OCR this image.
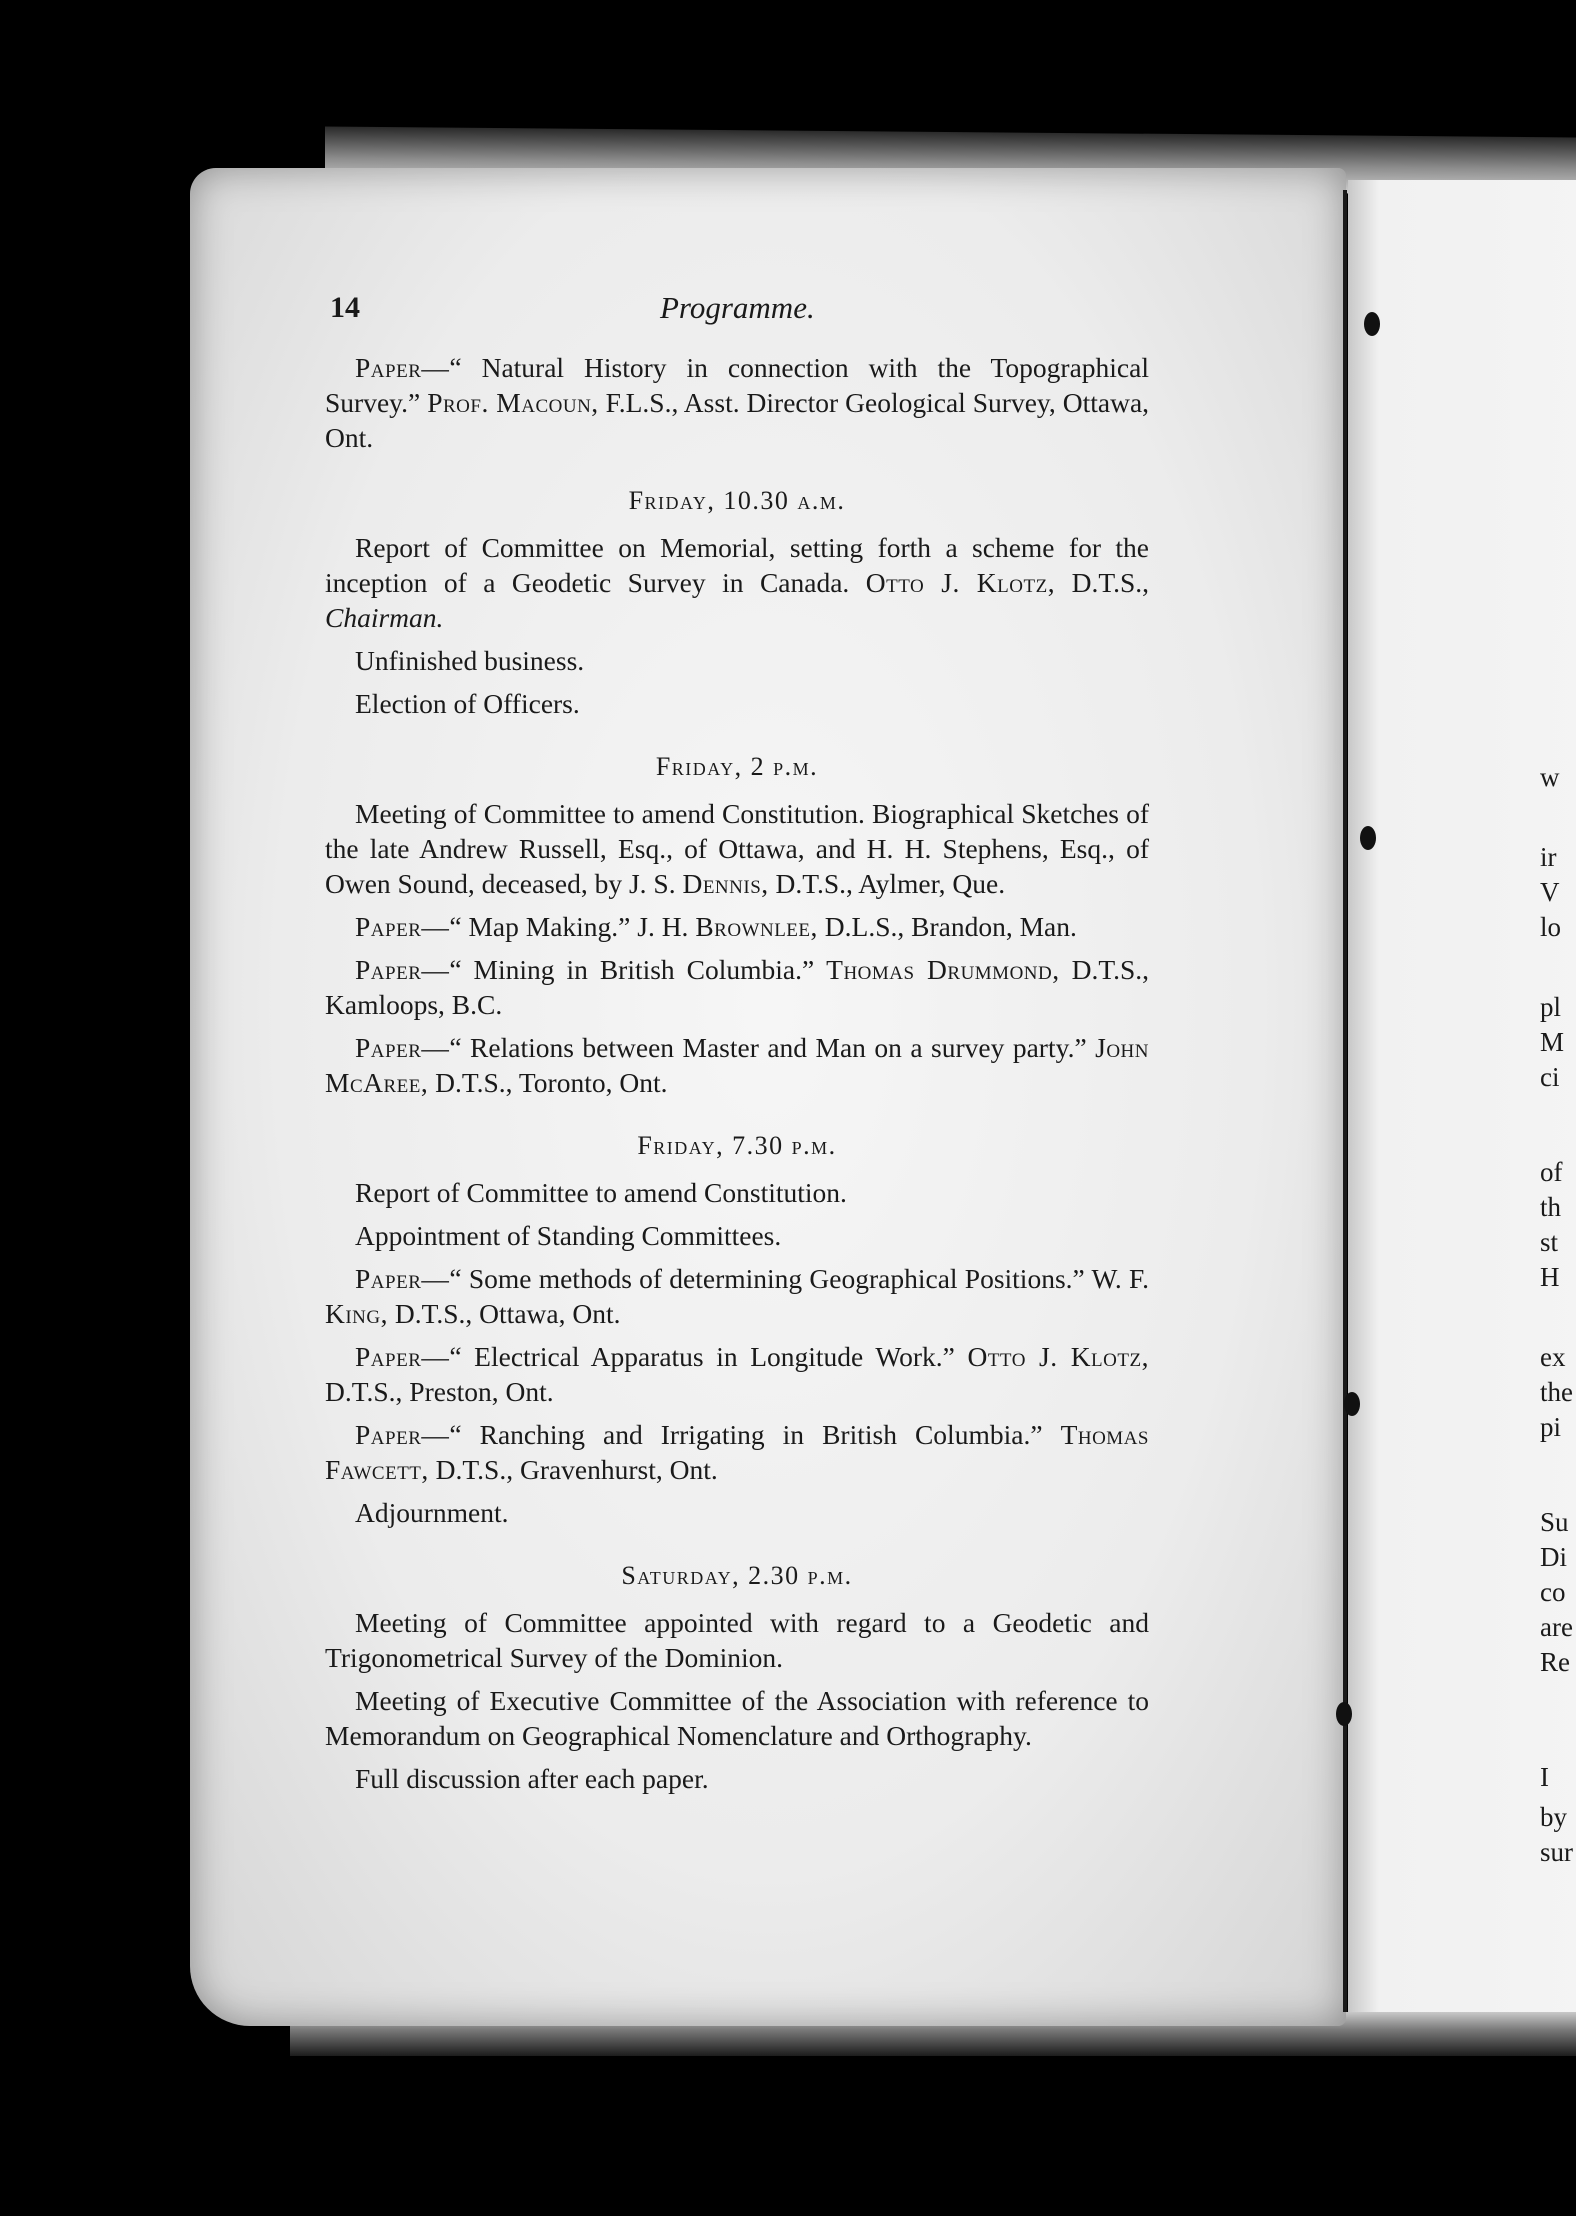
14	Programme.

Paper—“ Natural History in connection with the Topographical Survey.” Prof. Macoun, F.L.S., Asst. Director Geological Survey, Ottawa, Ont.

Friday, 10.30 a.m.

Report of Committee on Memorial, setting forth a scheme for the inception of a Geodetic Survey in Canada. Otto J. Klotz, D.T.S., Chairman.

Unfinished business.

Election of Officers.

Friday, 2 p.m.

Meeting of Committee to amend Constitution. Biographical Sketches of the late Andrew Russell, Esq., of Ottawa, and H. H. Stephens, Esq., of Owen Sound, deceased, by J. S. Dennis, D.T.S., Aylmer, Que.

Paper—“ Map Making.” J. H. Brownlee, D.L.S., Brandon, Man.

Paper—“ Mining in British Columbia.” Thomas Drummond, D.T.S., Kamloops, B.C.

Paper—“ Relations between Master and Man on a survey party.” John McAree, D.T.S., Toronto, Ont.

Friday, 7.30 p.m.

Report of Committee to amend Constitution.

Appointment of Standing Committees.

Paper—“ Some methods of determining Geographical Positions.” W. F. King, D.T.S., Ottawa, Ont.

Paper—“ Electrical Apparatus in Longitude Work.” Otto J. Klotz, D.T.S., Preston, Ont.

Paper—“ Ranching and Irrigating in British Columbia.” Thomas Fawcett, D.T.S., Gravenhurst, Ont.

Adjournment.

Saturday, 2.30 p.m.

Meeting of Committee appointed with regard to a Geodetic and Trigonometrical Survey of the Dominion.

Meeting of Executive Committee of the Association with reference to Memorandum on Geographical Nomenclature and Orthography.

Full discussion after each paper.

w
ir
V
lo
pl
M
ci
of
th
st
H
ex
the
pi
Su
Di
co
are
Re
I
by
sur
